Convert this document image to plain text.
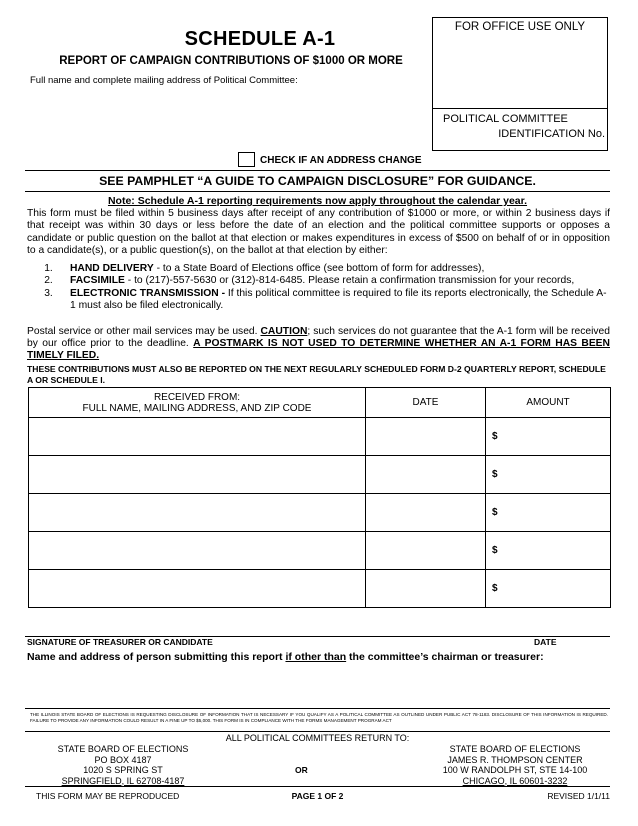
SCHEDULE A-1
REPORT OF CAMPAIGN CONTRIBUTIONS OF $1000 OR MORE
Full name and complete mailing address of Political Committee:
FOR OFFICE USE ONLY
POLITICAL COMMITTEE
IDENTIFICATION No.
CHECK IF AN ADDRESS CHANGE
SEE PAMPHLET “A GUIDE TO CAMPAIGN DISCLOSURE” FOR GUIDANCE.
Note: Schedule A-1 reporting requirements now apply throughout the calendar year.
This form must be filed within 5 business days after receipt of any contribution of $1000 or more, or within 2 business days if that receipt was within 30 days or less before the date of an election and the political committee supports or opposes a candidate or public question on the ballot at that election or makes expenditures in excess of $500 on behalf of or in opposition to a candidate(s), or a public question(s), on the ballot at that election by either:
1.	HAND DELIVERY - to a State Board of Elections office (see bottom of form for addresses),
2.	FACSIMILE - to (217)-557-5630 or (312)-814-6485. Please retain a confirmation transmission for your records,
3.	ELECTRONIC TRANSMISSION - If this political committee is required to file its reports electronically, the Schedule A-1 must also be filed electronically.
Postal service or other mail services may be used. CAUTION; such services do not guarantee that the A-1 form will be received by our office prior to the deadline. A POSTMARK IS NOT USED TO DETERMINE WHETHER AN A-1 FORM HAS BEEN TIMELY FILED.
THESE CONTRIBUTIONS MUST ALSO BE REPORTED ON THE NEXT REGULARLY SCHEDULED FORM D-2 QUARTERLY REPORT, SCHEDULE A OR SCHEDULE I.
RECEIVED FROM:
FULL NAME, MAILING ADDRESS, AND ZIP CODE	DATE	AMOUNT
		$
		$
		$
		$
		$
SIGNATURE OF TREASURER OR CANDIDATE	DATE
Name and address of person submitting this report if other than the committee’s chairman or treasurer:
THE ILLINOIS STATE BOARD OF ELECTIONS IS REQUESTING DISCLOSURE OF INFORMATION THAT IS NECESSARY IF YOU QUALIFY AS A POLITICAL COMMITTEE AS OUTLINED UNDER PUBLIC ACT 78-1183. DISCLOSURE OF THIS INFORMATION IS REQUIRED. FAILURE TO PROVIDE ANY INFORMATION COULD RESULT IN A FINE UP TO $5,000. THIS FORM IS IN COMPLIANCE WITH THE FORMS MANAGEMENT PROGRAM ACT
ALL POLITICAL COMMITTEES RETURN TO:
STATE BOARD OF ELECTIONS
PO BOX 4187
1020 S SPRING ST
SPRINGFIELD, IL 62708-4187
OR
STATE BOARD OF ELECTIONS
JAMES R. THOMPSON CENTER
100 W RANDOLPH ST, STE 14-100
CHICAGO, IL 60601-3232
THIS FORM MAY BE REPRODUCED	PAGE 1 OF 2	REVISED 1/1/11
